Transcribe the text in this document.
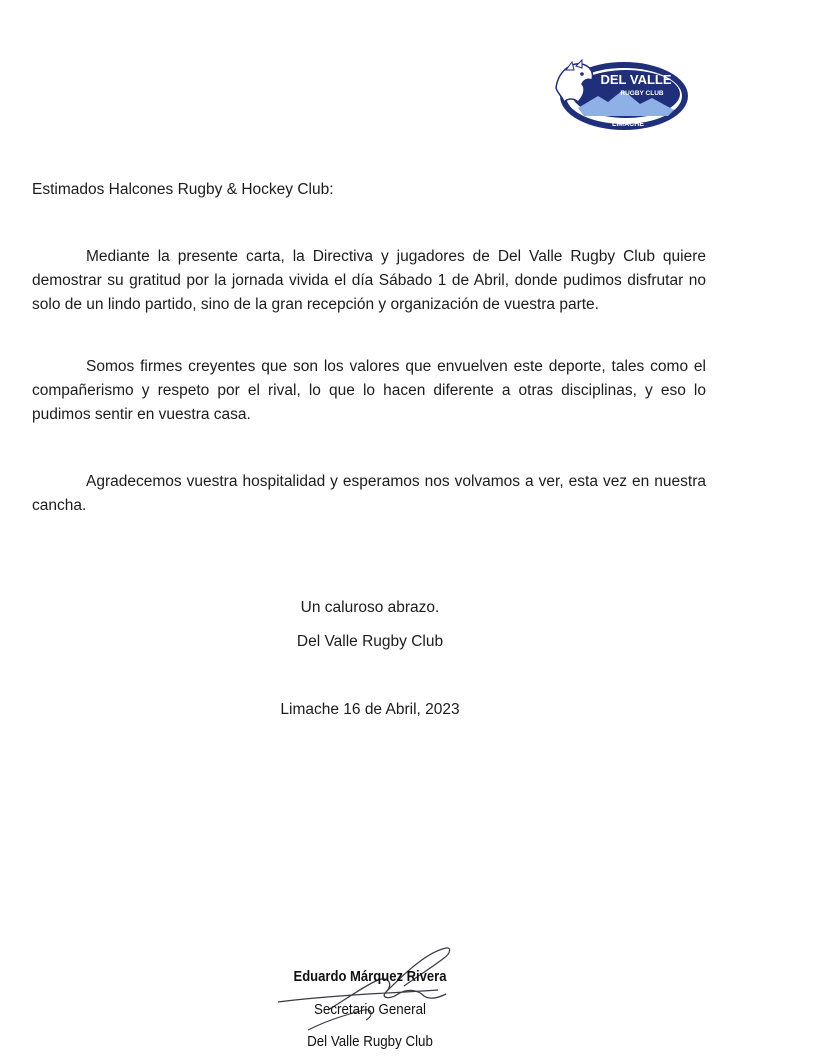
DEL VALLE
RUGBY CLUB
LIMACHE
Estimados Halcones Rugby & Hockey Club:
Mediante la presente carta, la Directiva y jugadores de Del Valle Rugby Club quiere demostrar su gratitud por la jornada vivida el día Sábado 1 de Abril, donde pudimos disfrutar no solo de un lindo partido, sino de la gran recepción y organización de vuestra parte.
Somos firmes creyentes que son los valores que envuelven este deporte, tales como el compañerismo y respeto por el rival, lo que lo hacen diferente a otras disciplinas, y eso lo pudimos sentir en vuestra casa.
Agradecemos vuestra hospitalidad y esperamos nos volvamos a ver, esta vez en nuestra cancha.
Un caluroso abrazo.
Del Valle Rugby Club
Limache 16 de Abril, 2023
Eduardo Márquez Rivera
Secretario General
Del Valle Rugby Club
